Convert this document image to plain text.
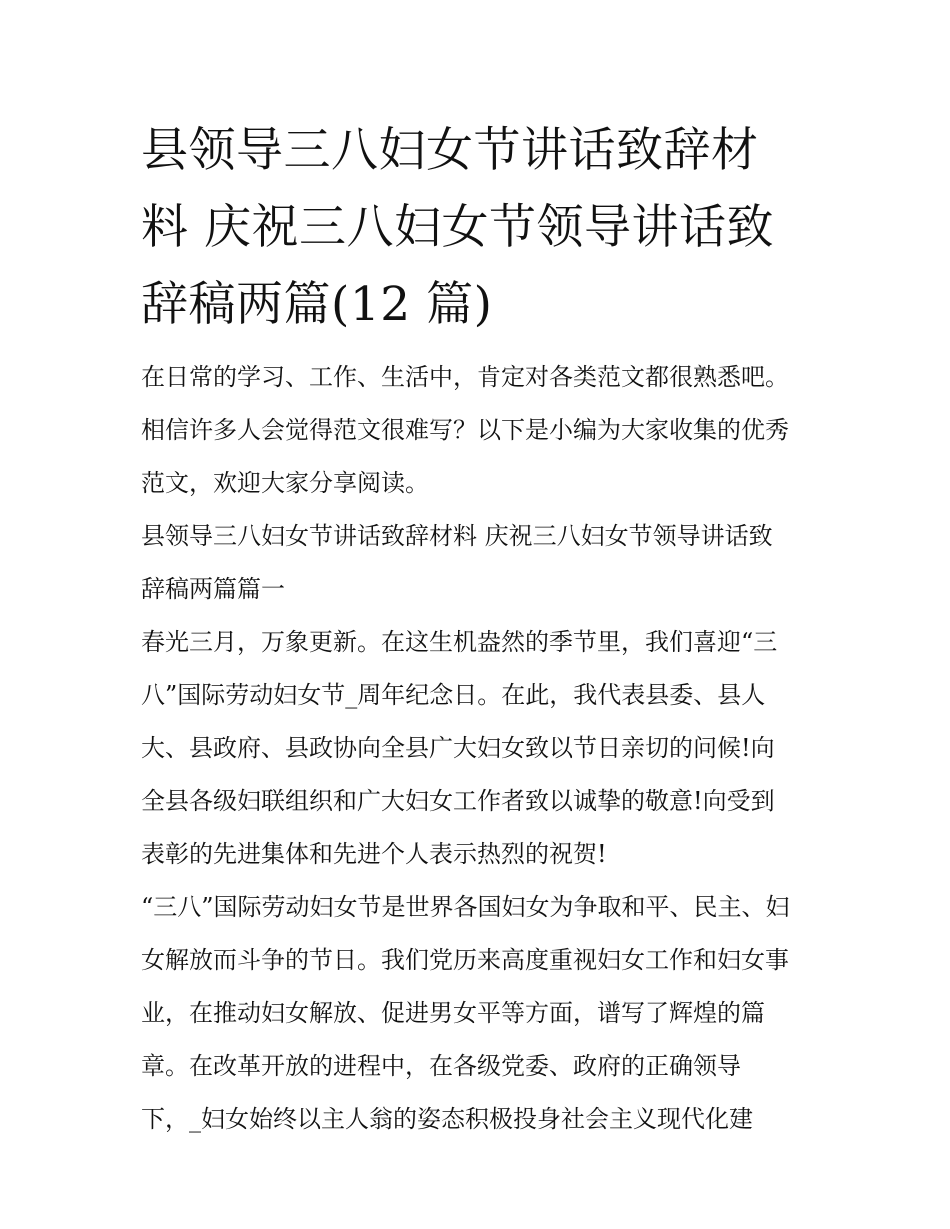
县领导三八妇女节讲话致辞材
料 庆祝三八妇女节领导讲话致
辞稿两篇(12 篇)

在日常的学习、工作、生活中，肯定对各类范文都很熟悉吧。
相信许多人会觉得范文很难写？以下是小编为大家收集的优秀
范文，欢迎大家分享阅读。

县领导三八妇女节讲话致辞材料 庆祝三八妇女节领导讲话致
辞稿两篇篇一

春光三月，万象更新。在这生机盎然的季节里，我们喜迎“三
八”国际劳动妇女节_周年纪念日。在此，我代表县委、县人
大、县政府、县政协向全县广大妇女致以节日亲切的问候!向
全县各级妇联组织和广大妇女工作者致以诚挚的敬意!向受到
表彰的先进集体和先进个人表示热烈的祝贺!

“三八”国际劳动妇女节是世界各国妇女为争取和平、民主、妇
女解放而斗争的节日。我们党历来高度重视妇女工作和妇女事
业，在推动妇女解放、促进男女平等方面，谱写了辉煌的篇
章。在改革开放的进程中，在各级党委、政府的正确领导
下，_妇女始终以主人翁的姿态积极投身社会主义现代化建
